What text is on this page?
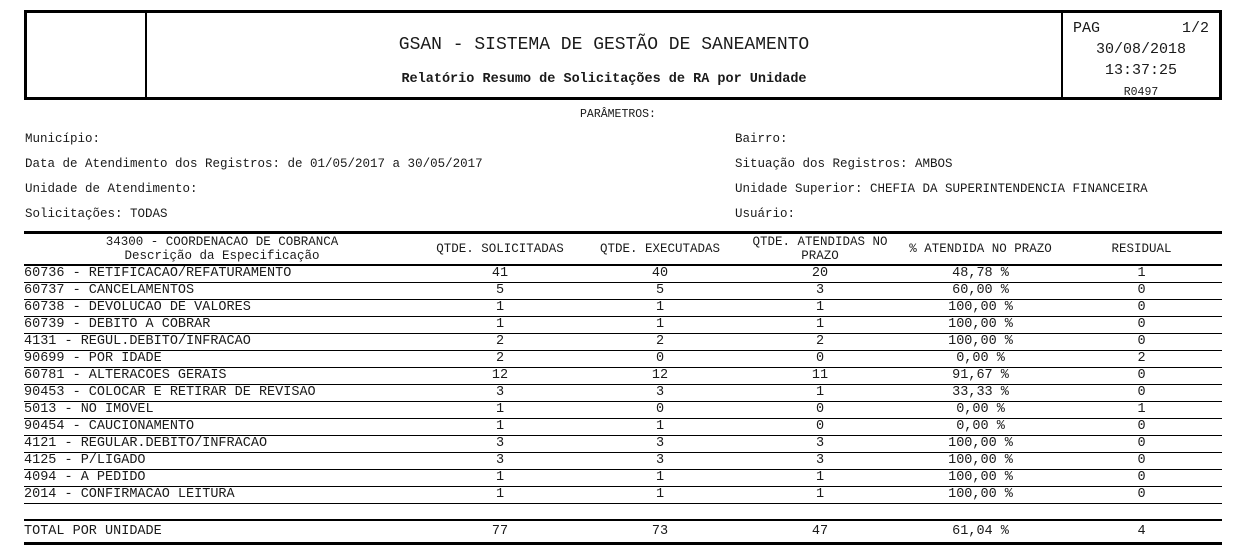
GSAN - SISTEMA DE GESTÃO DE SANEAMENTO
Relatório Resumo de Solicitações de RA por Unidade
PAG	1/2
30/08/2018
13:37:25
R0497
PARÂMETROS:
Município:
Data de Atendimento dos Registros: de 01/05/2017 a 30/05/2017
Unidade de Atendimento:
Solicitações: TODAS
Bairro:
Situação dos Registros: AMBOS
Unidade Superior: CHEFIA DA SUPERINTENDENCIA FINANCEIRA
Usuário:
34300 - COORDENACAO DE COBRANCA
Descrição da Especificação	QTDE. SOLICITADAS	QTDE. EXECUTADAS	QTDE. ATENDIDAS NO PRAZO	% ATENDIDA NO PRAZO	RESIDUAL
60736 - RETIFICACAO/REFATURAMENTO	41	40	20	48,78 %	1
60737 - CANCELAMENTOS	5	5	3	60,00 %	0
60738 - DEVOLUCAO DE VALORES	1	1	1	100,00 %	0
60739 - DEBITO A COBRAR	1	1	1	100,00 %	0
4131 - REGUL.DEBITO/INFRACAO	2	2	2	100,00 %	0
90699 - POR IDADE	2	0	0	0,00 %	2
60781 - ALTERACOES GERAIS	12	12	11	91,67 %	0
90453 - COLOCAR E RETIRAR DE REVISAO	3	3	1	33,33 %	0
5013 - NO IMOVEL	1	0	0	0,00 %	1
90454 - CAUCIONAMENTO	1	1	0	0,00 %	0
4121 - REGULAR.DEBITO/INFRACAO	3	3	3	100,00 %	0
4125 - P/LIGADO	3	3	3	100,00 %	0
4094 - A PEDIDO	1	1	1	100,00 %	0
2014 - CONFIRMACAO LEITURA	1	1	1	100,00 %	0

TOTAL POR UNIDADE	77	73	47	61,04 %	4
